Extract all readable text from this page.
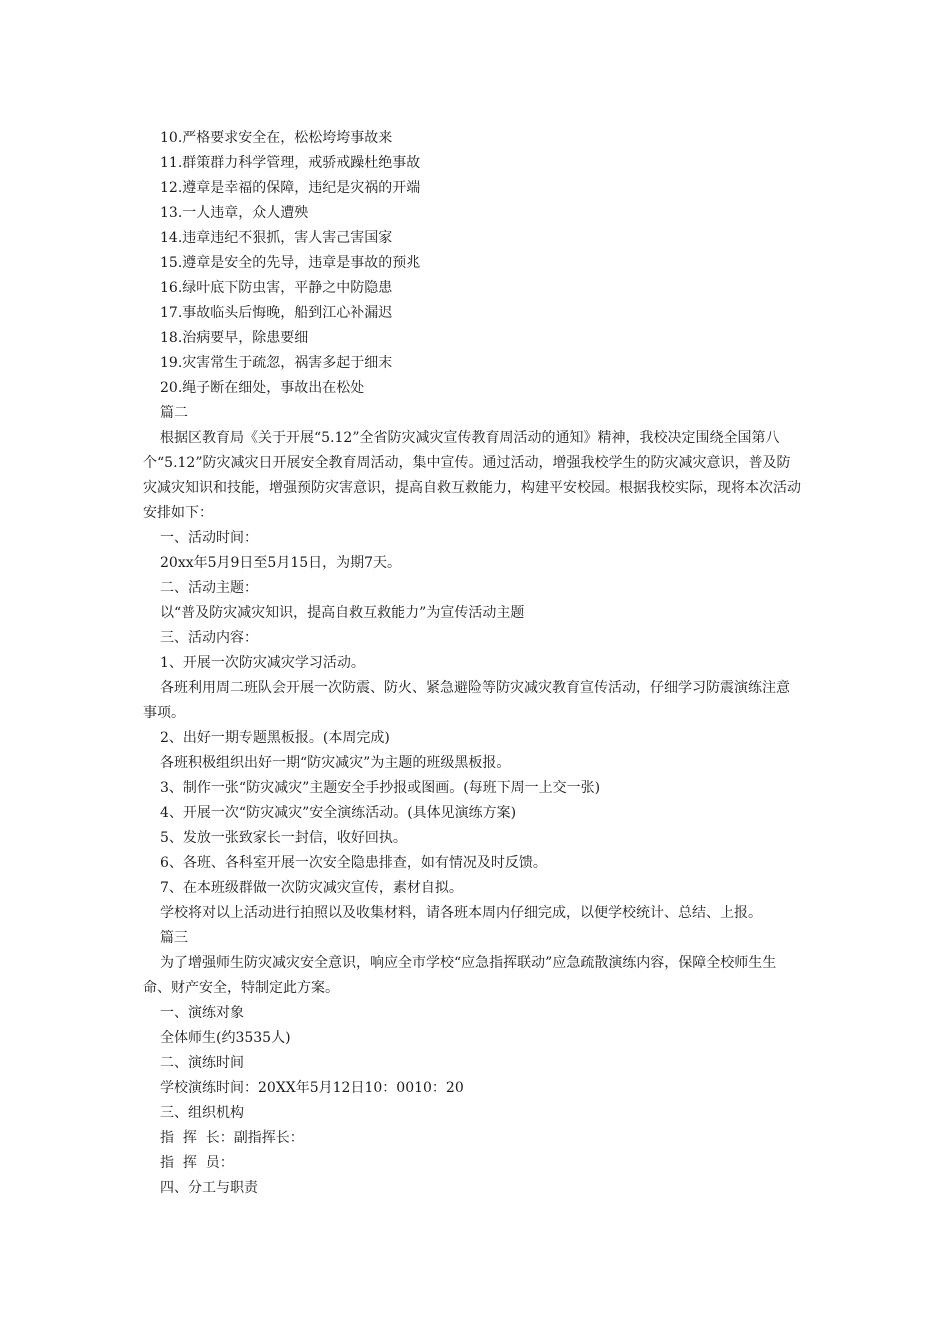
10.严格要求安全在，松松垮垮事故来

11.群策群力科学管理，戒骄戒躁杜绝事故

12.遵章是幸福的保障，违纪是灾祸的开端

13.一人违章，众人遭殃

14.违章违纪不狠抓，害人害己害国家

15.遵章是安全的先导，违章是事故的预兆

16.绿叶底下防虫害，平静之中防隐患

17.事故临头后悔晚，船到江心补漏迟

18.治病要早，除患要细

19.灾害常生于疏忽，祸害多起于细末

20.绳子断在细处，事故出在松处

篇二

根据区教育局《关于开展“5.12”全省防灾减灾宣传教育周活动的通知》精神，我校决定围绕全国第八个“5.12”防灾减灾日开展安全教育周活动，集中宣传。通过活动，增强我校学生的防灾减灾意识，普及防灾减灾知识和技能，增强预防灾害意识，提高自救互救能力，构建平安校园。根据我校实际，现将本次活动安排如下：

一、活动时间：

20xx年5月9日至5月15日，为期7天。

二、活动主题：

以“普及防灾减灾知识，提高自救互救能力”为宣传活动主题

三、活动内容：

1、开展一次防灾减灾学习活动。

各班利用周二班队会开展一次防震、防火、紧急避险等防灾减灾教育宣传活动，仔细学习防震演练注意事项。

2、出好一期专题黑板报。(本周完成)

各班积极组织出好一期“防灾减灾”为主题的班级黑板报。

3、制作一张“防灾减灾”主题安全手抄报或图画。(每班下周一上交一张)

4、开展一次“防灾减灾”安全演练活动。(具体见演练方案)

5、发放一张致家长一封信，收好回执。

6、各班、各科室开展一次安全隐患排查，如有情况及时反馈。

7、在本班级群做一次防灾减灾宣传，素材自拟。

学校将对以上活动进行拍照以及收集材料，请各班本周内仔细完成，以便学校统计、总结、上报。

篇三

为了增强师生防灾减灾安全意识，响应全市学校“应急指挥联动”应急疏散演练内容，保障全校师生生命、财产安全，特制定此方案。

一、演练对象

全体师生(约3535人)

二、演练时间

学校演练时间：20XX年5月12日10：0010：20

三、组织机构

指  挥  长：副指挥长：

指  挥  员：

四、分工与职责
